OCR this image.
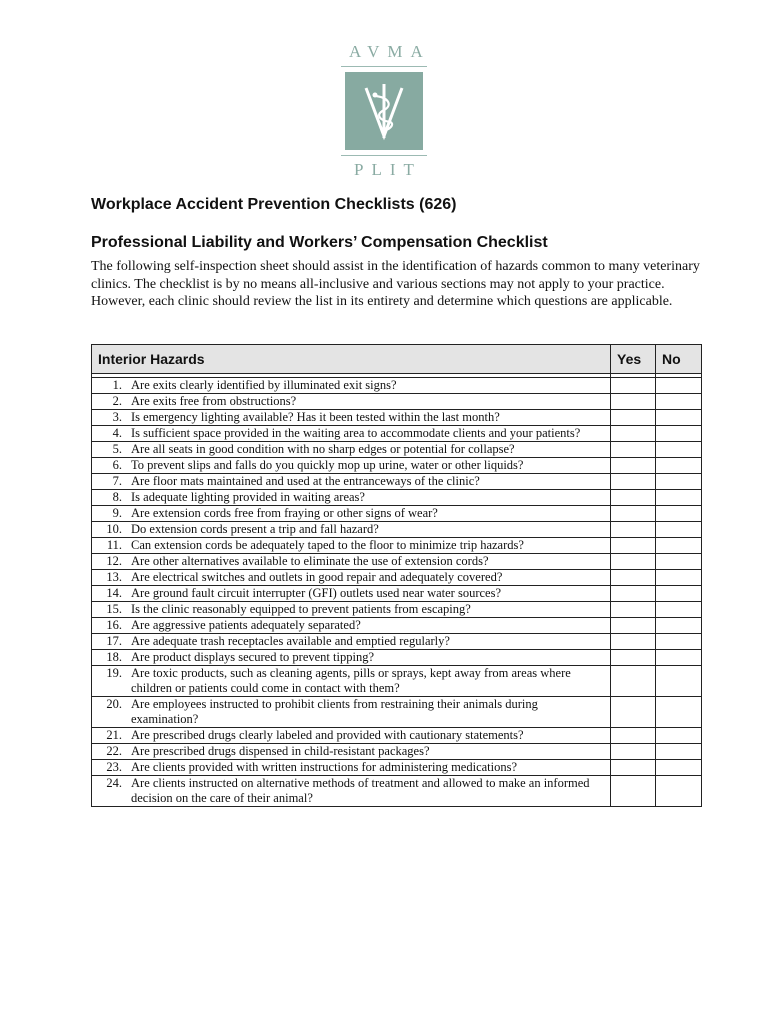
AVMA
PLIT
Workplace Accident Prevention Checklists (626)
Professional Liability and Workers’ Compensation Checklist
The following self-inspection sheet should assist in the identification of hazards common to many veterinary clinics. The checklist is by no means all-inclusive and various sections may not apply to your practice. However, each clinic should review the list in its entirety and determine which questions are applicable.
Interior Hazards	Yes	No

1. Are exits clearly identified by illuminated exit signs?		

2. Are exits free from obstructions?		

3. Is emergency lighting available? Has it been tested within the last month?		

4. Is sufficient space provided in the waiting area to accommodate clients and your patients?		

5. Are all seats in good condition with no sharp edges or potential for collapse?		

6. To prevent slips and falls do you quickly mop up urine, water or other liquids?		

7. Are floor mats maintained and used at the entranceways of the clinic?		

8. Is adequate lighting provided in waiting areas?		

9. Are extension cords free from fraying or other signs of wear?		

10. Do extension cords present a trip and fall hazard?		

11. Can extension cords be adequately taped to the floor to minimize trip hazards?		

12. Are other alternatives available to eliminate the use of extension cords?		

13. Are electrical switches and outlets in good repair and adequately covered?		

14. Are ground fault circuit interrupter (GFI) outlets used near water sources?		

15. Is the clinic reasonably equipped to prevent patients from escaping?		

16. Are aggressive patients adequately separated?		

17. Are adequate trash receptacles available and emptied regularly?		

18. Are product displays secured to prevent tipping?		

19. Are toxic products, such as cleaning agents, pills or sprays, kept away from areas where children or patients could come in contact with them?		

20. Are employees instructed to prohibit clients from restraining their animals during examination?		

21. Are prescribed drugs clearly labeled and provided with cautionary statements?		

22. Are prescribed drugs dispensed in child-resistant packages?		

23. Are clients provided with written instructions for administering medications?		

24. Are clients instructed on alternative methods of treatment and allowed to make an informed decision on the care of their animal?		
